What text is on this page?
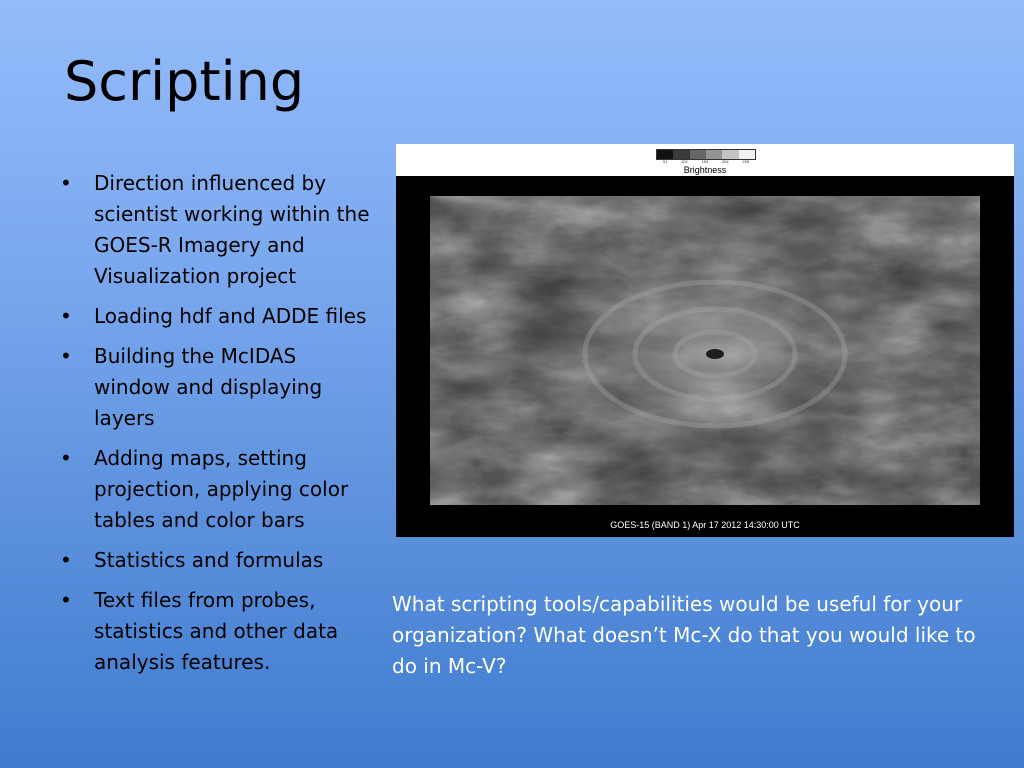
Scripting
•	Direction influenced by scientist working within the GOES-R Imagery and Visualization project
•	Loading hdf and ADDE files
•	Building the McIDAS window and displaying layers
•	Adding maps, setting projection, applying color tables and color bars
•	Statistics and formulas
•	Text files from probes, statistics and other data analysis features.
51	102	153	204	255
Brightness
GOES-15 (BAND 1) Apr 17 2012 14:30:00 UTC

What scripting tools/capabilities would be useful for your organization? What doesn’t Mc-X do that you would like to do in Mc-V?
